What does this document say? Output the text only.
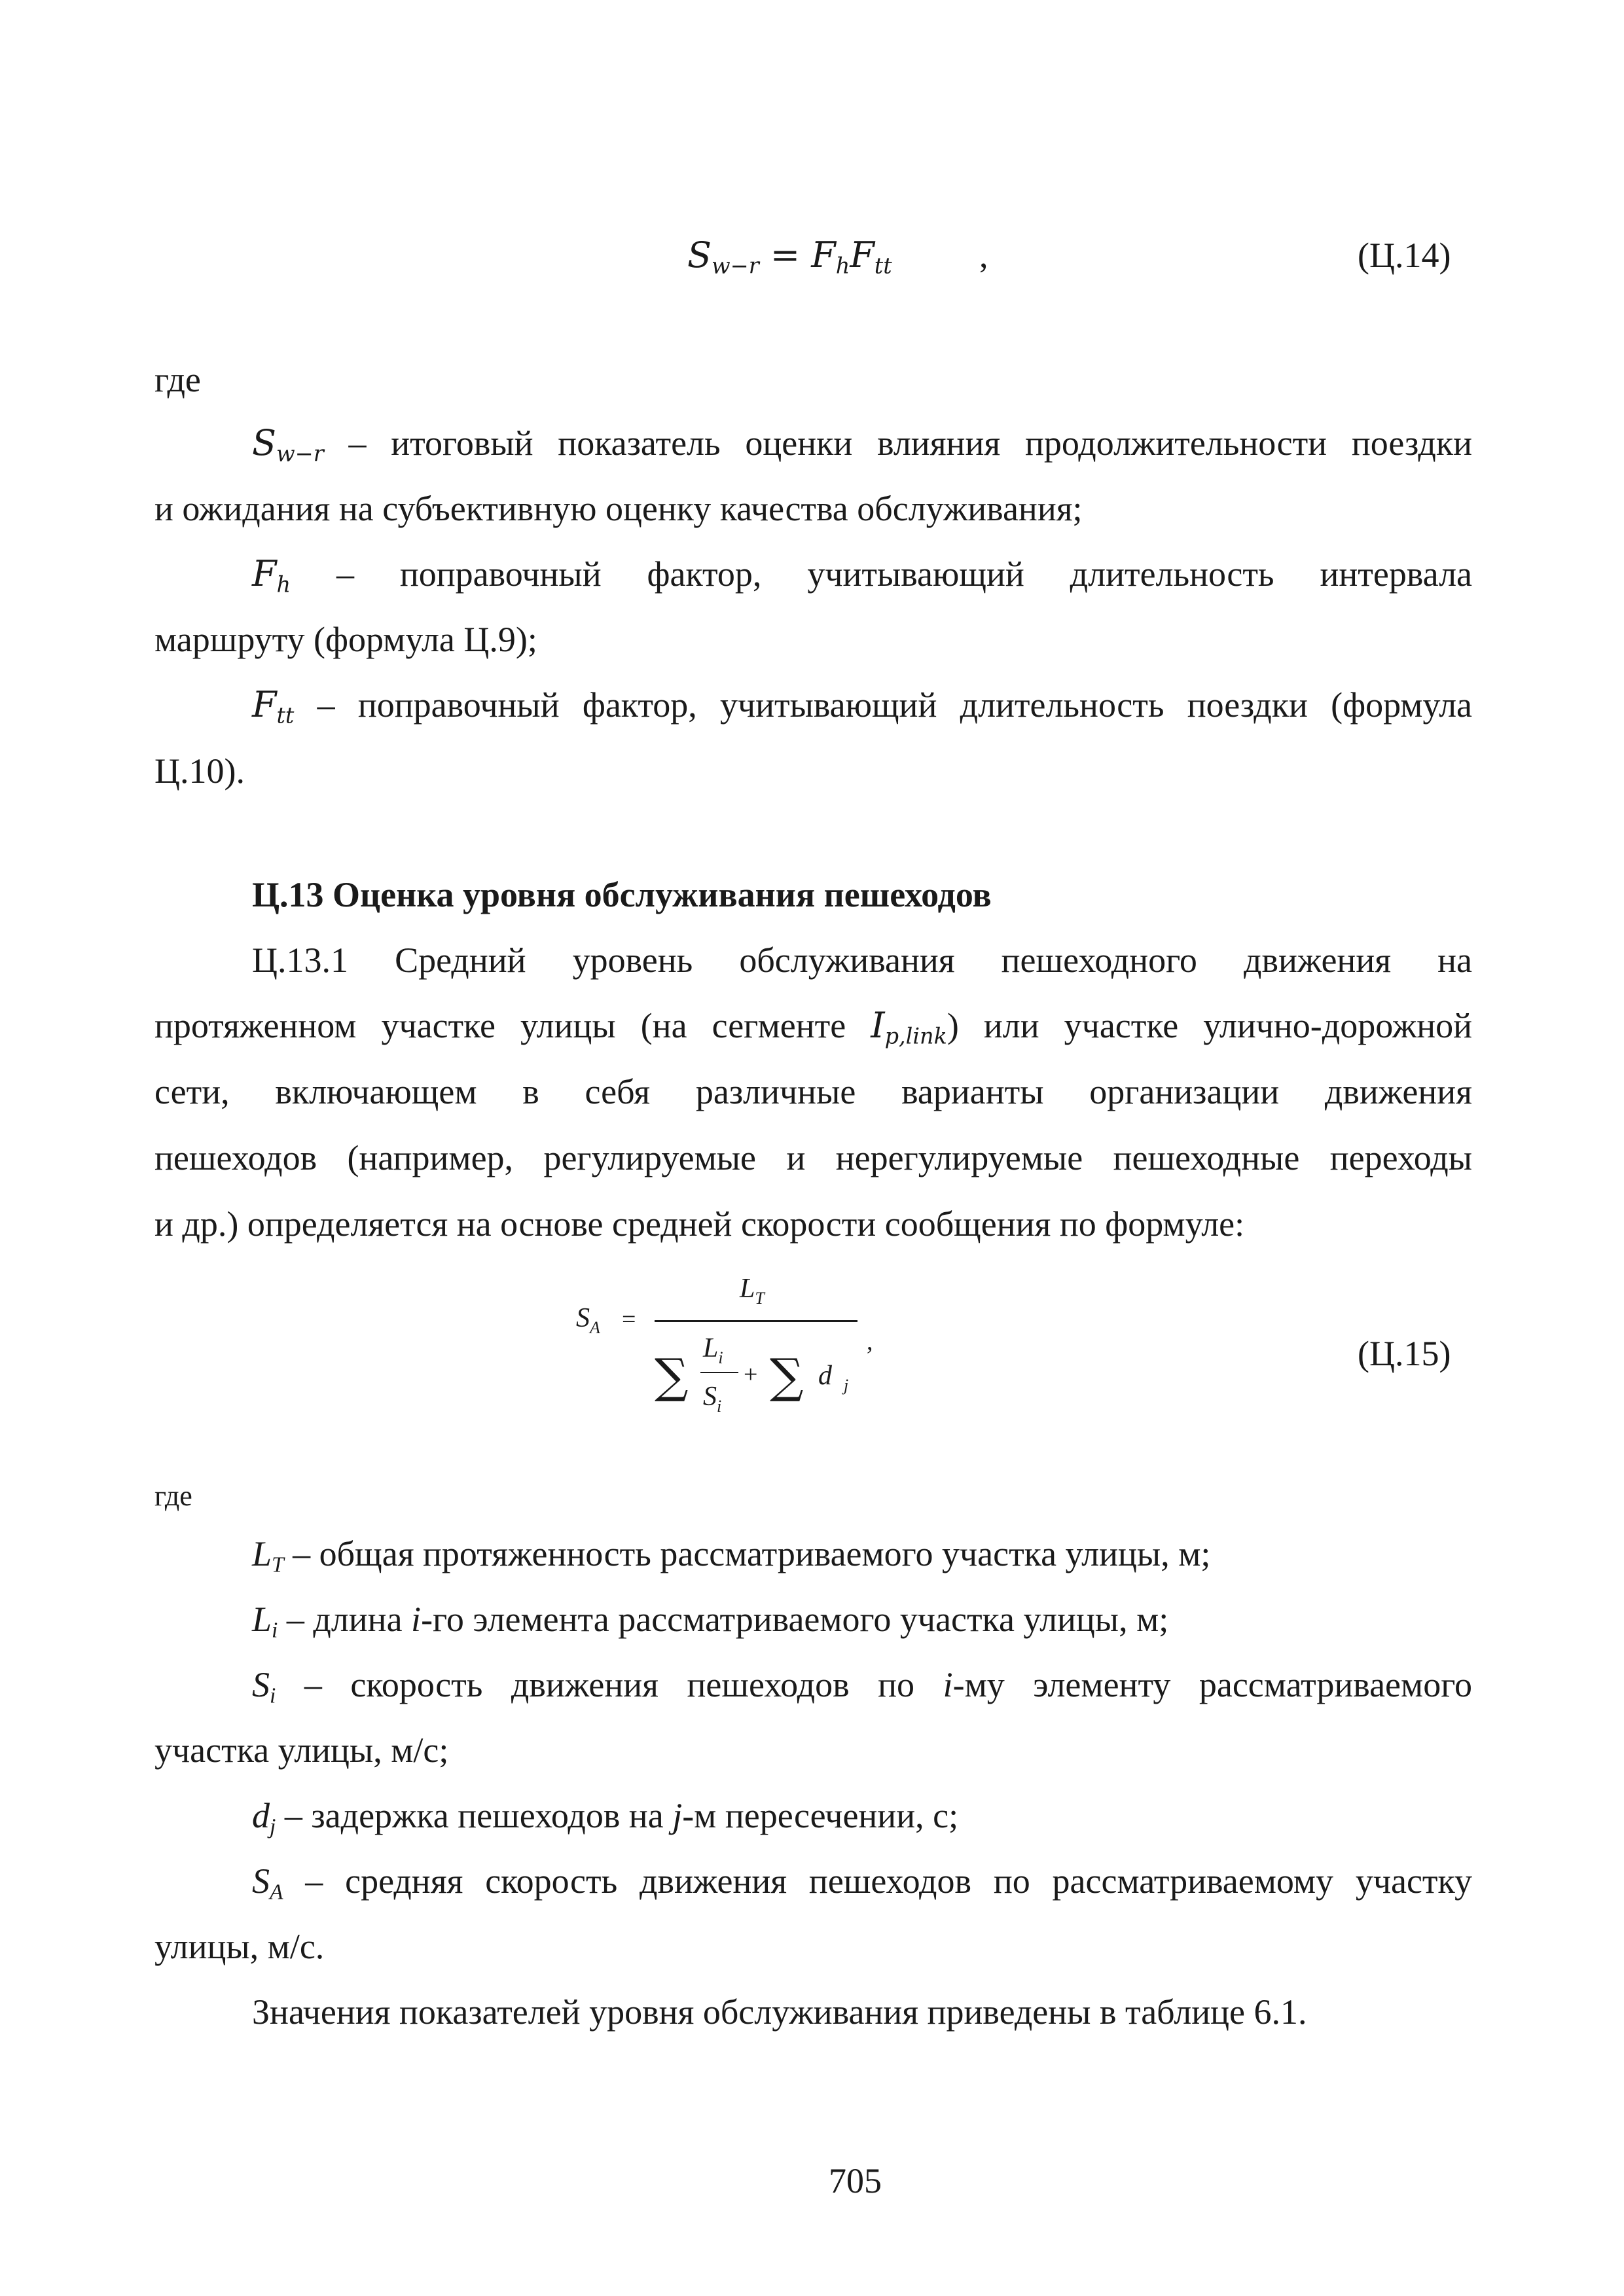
$S_{w-r} = F_hF_{tt}$ ,	(Ц.14)
где
$S_{w-r}$ – итоговый показатель оценки влияния продолжительности поездки
и ожидания на субъективную оценку качества обслуживания;
$F_h$ – поправочный фактор, учитывающий длительность интервала
маршруту (формула Ц.9);
$F_{tt}$ – поправочный фактор, учитывающий длительность поездки (формула
Ц.10).
Ц.13 Оценка уровня обслуживания пешеходов
Ц.13.1 Средний уровень обслуживания пешеходного движения на
протяженном участке улицы (на сегменте $I_{p,link}$) или участке улично-дорожной
сети, включающем в себя различные варианты организации движения
пешеходов (например, регулируемые и нерегулируемые пешеходные переходы
и др.) определяется на основе средней скорости сообщения по формуле:
$S_A$ =
$L_T$
∑ $L_i$
$S_i$
+ ∑ d $_j$
,	(Ц.15)
где
$L_T$ – общая протяженность рассматриваемого участка улицы, м;
$L_i$ – длина i-го элемента рассматриваемого участка улицы, м;
$S_i$ – скорость движения пешеходов по i-му элементу рассматриваемого
участка улицы, м/с;
$d_j$ – задержка пешеходов на j-м пересечении, с;
$S_A$ – средняя скорость движения пешеходов по рассматриваемому участку
улицы, м/с.
Значения показателей уровня обслуживания приведены в таблице 6.1.
705
